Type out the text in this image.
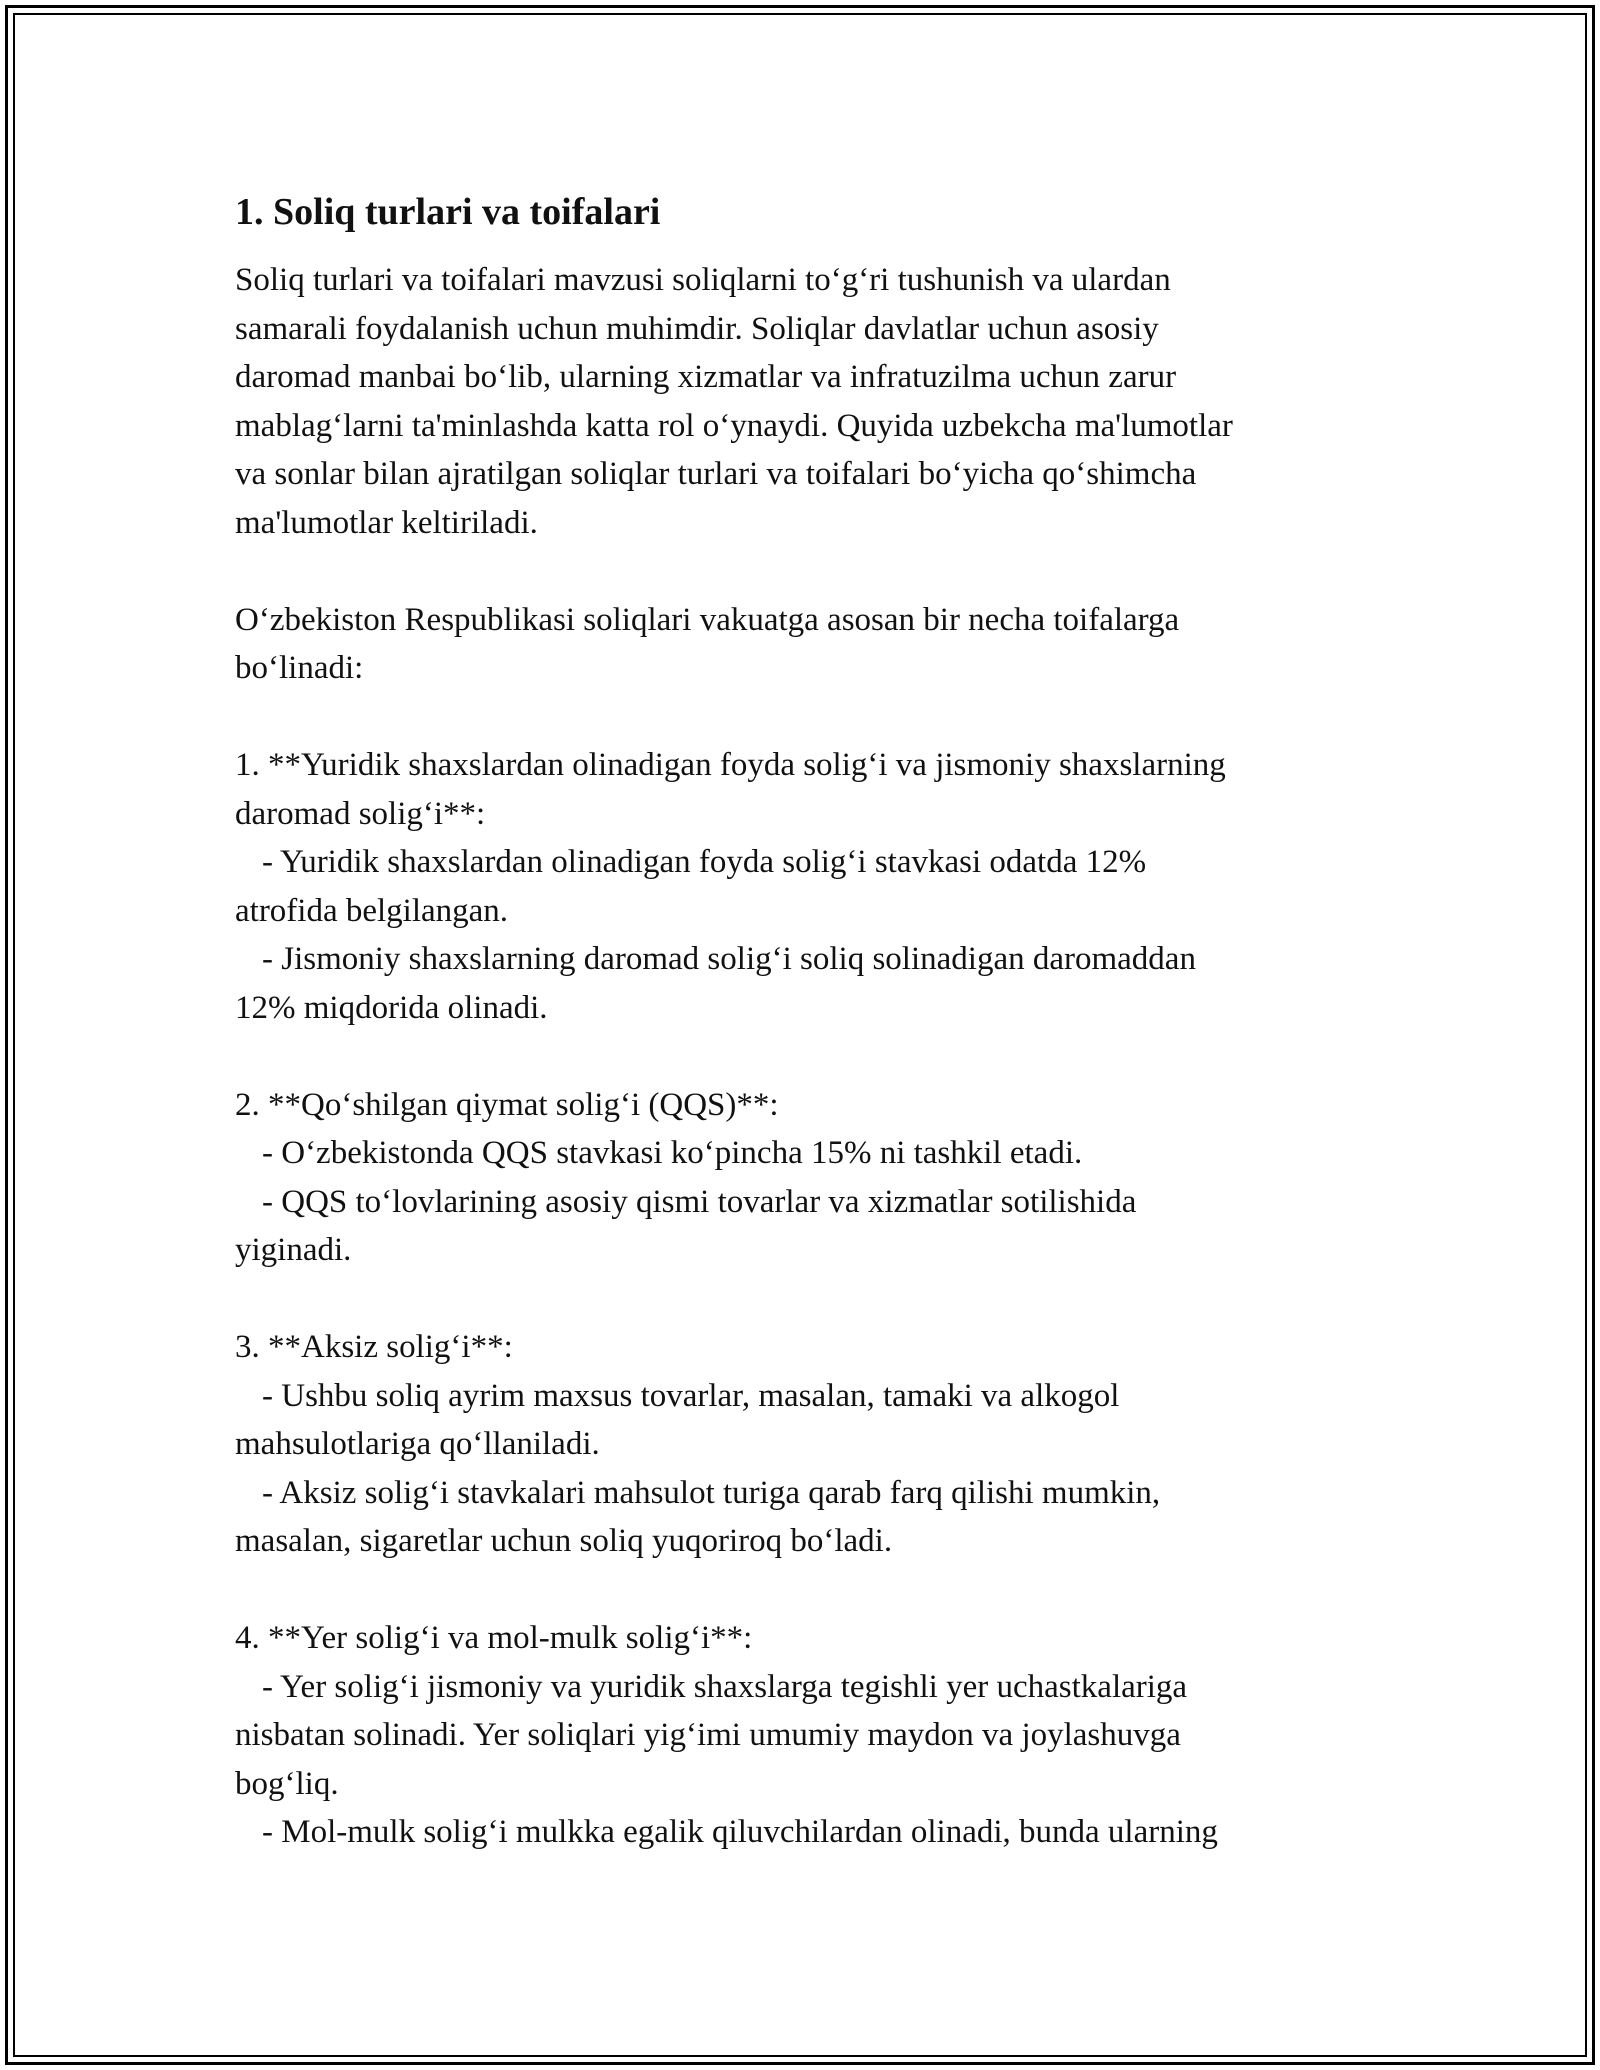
1. Soliq turlari va toifalari
Soliq turlari va toifalari mavzusi soliqlarni to‘g‘ri tushunish va ulardan
samarali foydalanish uchun muhimdir. Soliqlar davlatlar uchun asosiy
daromad manbai bo‘lib, ularning xizmatlar va infratuzilma uchun zarur
mablag‘larni ta'minlashda katta rol o‘ynaydi. Quyida uzbekcha ma'lumotlar
va sonlar bilan ajratilgan soliqlar turlari va toifalari bo‘yicha qo‘shimcha
ma'lumotlar keltiriladi.
O‘zbekiston Respublikasi soliqlari vakuatga asosan bir necha toifalarga
bo‘linadi:
1. **Yuridik shaxslardan olinadigan foyda solig‘i va jismoniy shaxslarning
daromad solig‘i**:
- Yuridik shaxslardan olinadigan foyda solig‘i stavkasi odatda 12%
atrofida belgilangan.
- Jismoniy shaxslarning daromad solig‘i soliq solinadigan daromaddan
12% miqdorida olinadi.
2. **Qo‘shilgan qiymat solig‘i (QQS)**:
- O‘zbekistonda QQS stavkasi ko‘pincha 15% ni tashkil etadi.
- QQS to‘lovlarining asosiy qismi tovarlar va xizmatlar sotilishida
yiginadi.
3. **Aksiz solig‘i**:
- Ushbu soliq ayrim maxsus tovarlar, masalan, tamaki va alkogol
mahsulotlariga qo‘llaniladi.
- Aksiz solig‘i stavkalari mahsulot turiga qarab farq qilishi mumkin,
masalan, sigaretlar uchun soliq yuqoriroq bo‘ladi.
4. **Yer solig‘i va mol-mulk solig‘i**:
- Yer solig‘i jismoniy va yuridik shaxslarga tegishli yer uchastkalariga
nisbatan solinadi. Yer soliqlari yig‘imi umumiy maydon va joylashuvga
bog‘liq.
- Mol-mulk solig‘i mulkka egalik qiluvchilardan olinadi, bunda ularning
